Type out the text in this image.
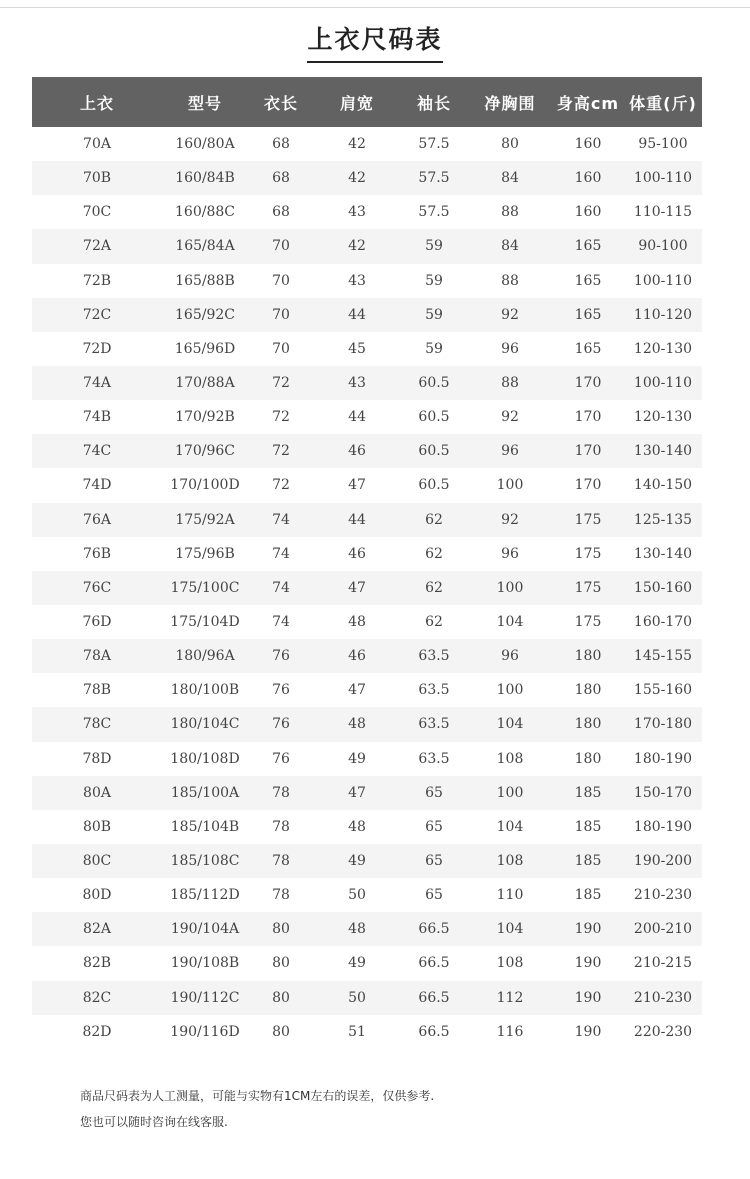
上衣尺码表
上衣	型号	衣长	肩宽	袖长	净胸围	身高cm 体重(斤)
70A	160/80A	68	42	57.5	80	160	95-100
70B	160/84B	68	42	57.5	84	160	100-110
70C	160/88C	68	43	57.5	88	160	110-115
72A	165/84A	70	42	59	84	165	90-100
72B	165/88B	70	43	59	88	165	100-110
72C	165/92C	70	44	59	92	165	110-120
72D	165/96D	70	45	59	96	165	120-130
74A	170/88A	72	43	60.5	88	170	100-110
74B	170/92B	72	44	60.5	92	170	120-130
74C	170/96C	72	46	60.5	96	170	130-140
74D	170/100D	72	47	60.5	100	170	140-150
76A	175/92A	74	44	62	92	175	125-135
76B	175/96B	74	46	62	96	175	130-140
76C	175/100C	74	47	62	100	175	150-160
76D	175/104D	74	48	62	104	175	160-170
78A	180/96A	76	46	63.5	96	180	145-155
78B	180/100B	76	47	63.5	100	180	155-160
78C	180/104C	76	48	63.5	104	180	170-180
78D	180/108D	76	49	63.5	108	180	180-190
80A	185/100A	78	47	65	100	185	150-170
80B	185/104B	78	48	65	104	185	180-190
80C	185/108C	78	49	65	108	185	190-200
80D	185/112D	78	50	65	110	185	210-230
82A	190/104A	80	48	66.5	104	190	200-210
82B	190/108B	80	49	66.5	108	190	210-215
82C	190/112C	80	50	66.5	112	190	210-230
82D	190/116D	80	51	66.5	116	190	220-230
商品尺码表为人工测量，可能与实物有1CM左右的误差，仅供参考.
您也可以随时咨询在线客服.
